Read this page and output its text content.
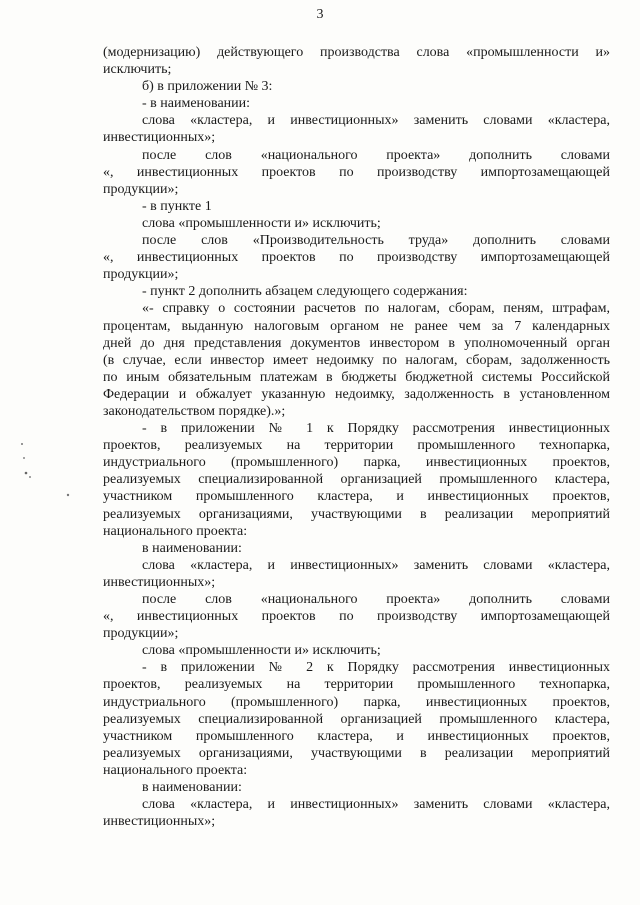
3
(модернизацию) действующего производства слова «промышленности и»
исключить;
б) в приложении № 3:
- в наименовании:
слова «кластера, и инвестиционных» заменить словами «кластера,
инвестиционных»;
после слов «национального проекта» дополнить словами
«, инвестиционных проектов по производству импортозамещающей
продукции»;
- в пункте 1
слова «промышленности и» исключить;
после слов «Производительность труда» дополнить словами
«, инвестиционных проектов по производству импортозамещающей
продукции»;
- пункт 2 дополнить абзацем следующего содержания:
«- справку о состоянии расчетов по налогам, сборам, пеням, штрафам,
процентам, выданную налоговым органом не ранее чем за 7 календарных
дней до дня представления документов инвестором в уполномоченный орган
(в случае, если инвестор имеет недоимку по налогам, сборам, задолженность
по иным обязательным платежам в бюджеты бюджетной системы Российской
Федерации и обжалует указанную недоимку, задолженность в установленном
законодательством порядке).»;
- в приложении № 1 к Порядку рассмотрения инвестиционных
проектов, реализуемых на территории промышленного технопарка,
индустриального (промышленного) парка, инвестиционных проектов,
реализуемых специализированной организацией промышленного кластера,
участником промышленного кластера, и инвестиционных проектов,
реализуемых организациями, участвующими в реализации мероприятий
национального проекта:
в наименовании:
слова «кластера, и инвестиционных» заменить словами «кластера,
инвестиционных»;
после слов «национального проекта» дополнить словами
«, инвестиционных проектов по производству импортозамещающей
продукции»;
слова «промышленности и» исключить;
- в приложении № 2 к Порядку рассмотрения инвестиционных
проектов, реализуемых на территории промышленного технопарка,
индустриального (промышленного) парка, инвестиционных проектов,
реализуемых специализированной организацией промышленного кластера,
участником промышленного кластера, и инвестиционных проектов,
реализуемых организациями, участвующими в реализации мероприятий
национального проекта:
в наименовании:
слова «кластера, и инвестиционных» заменить словами «кластера,
инвестиционных»;
